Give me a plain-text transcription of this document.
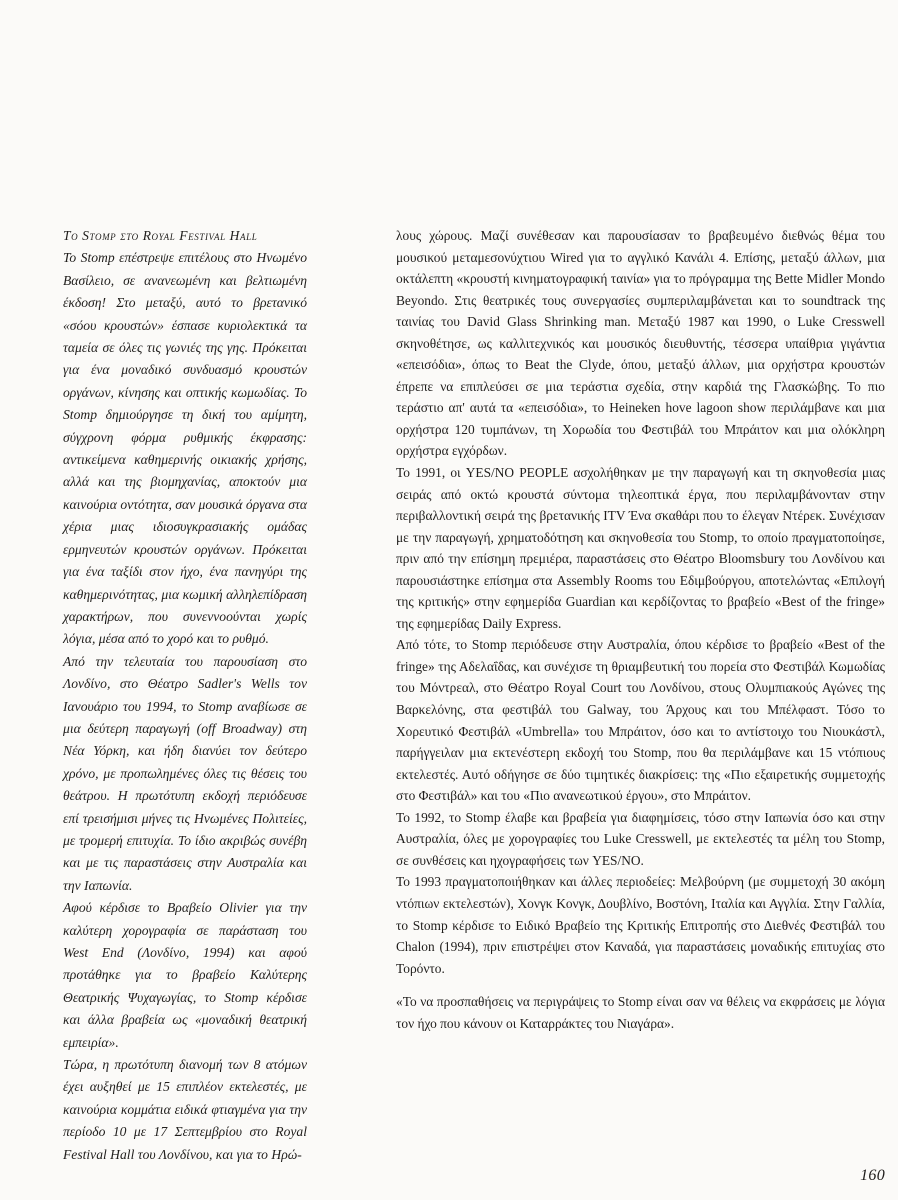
Το Stomp στο Royal Festival Hall

Το Stomp επέστρεψε επιτέλους στο Ηνωμένο Βασίλειο, σε ανανεωμένη και βελτιωμένη έκδοση! Στο μεταξύ, αυτό το βρετανικό «σόου κρουστών» έσπασε κυριολεκτικά τα ταμεία σε όλες τις γωνιές της γης. Πρόκειται για ένα μοναδικό συνδυασμό κρουστών οργάνων, κίνησης και οπτικής κωμωδίας. Το Stomp δημιούργησε τη δική του αμίμητη, σύγχρονη φόρμα ρυθμικής έκφρασης: αντικείμενα καθημερινής οικιακής χρήσης, αλλά και της βιομηχανίας, αποκτούν μια καινούρια οντότητα, σαν μουσικά όργανα στα χέρια μιας ιδιοσυγκρασιακής ομάδας ερμηνευτών κρουστών οργάνων. Πρόκειται για ένα ταξίδι στον ήχο, ένα πανηγύρι της καθημερινότητας, μια κωμική αλληλεπίδραση χαρακτήρων, που συνεννοούνται χωρίς λόγια, μέσα από το χορό και το ρυθμό.

Από την τελευταία του παρουσίαση στο Λονδίνο, στο Θέατρο Sadler's Wells τον Ιανουάριο του 1994, το Stomp αναβίωσε σε μια δεύτερη παραγωγή (off Broadway) στη Νέα Υόρκη, και ήδη διανύει τον δεύτερο χρόνο, με προπωλημένες όλες τις θέσεις του θεάτρου. Η πρωτότυπη εκδοχή περιόδευσε επί τρεισήμισι μήνες τις Ηνωμένες Πολιτείες, με τρομερή επιτυχία. Το ίδιο ακριβώς συνέβη και με τις παραστάσεις στην Αυστραλία και την Ιαπωνία.

Αφού κέρδισε το Βραβείο Olivier για την καλύτερη χορογραφία σε παράσταση του West End (Λονδίνο, 1994) και αφού προτάθηκε για το βραβείο Καλύτερης Θεατρικής Ψυχαγωγίας, το Stomp κέρδισε και άλλα βραβεία ως «μοναδική θεατρική εμπειρία».

Τώρα, η πρωτότυπη διανομή των 8 ατόμων έχει αυξηθεί με 15 επιπλέον εκτελεστές, με καινούρια κομμάτια ειδικά φτιαγμένα για την περίοδο 10 με 17 Σεπτεμβρίου στο Royal Festival Hall του Λονδίνου, και για το Ηρώ-

λους χώρους. Μαζί συνέθεσαν και παρουσίασαν το βραβευμένο διεθνώς θέμα του μουσικού μεταμεσονύχτιου Wired για το αγγλικό Κανάλι 4. Επίσης, μεταξύ άλλων, μια οκτάλεπτη «κρουστή κινηματογραφική ταινία» για το πρόγραμμα της Bette Midler Mondo Beyondo. Στις θεατρικές τους συνεργασίες συμπεριλαμβάνεται και το soundtrack της ταινίας του David Glass Shrinking man. Μεταξύ 1987 και 1990, ο Luke Cresswell σκηνοθέτησε, ως καλλιτεχνικός και μουσικός διευθυντής, τέσσερα υπαίθρια γιγάντια «επεισόδια», όπως το Beat the Clyde, όπου, μεταξύ άλλων, μια ορχήστρα κρουστών έπρεπε να επιπλεύσει σε μια τεράστια σχεδία, στην καρδιά της Γλασκώβης. Το πιο τεράστιο απ' αυτά τα «επεισόδια», το Heineken hove lagoon show περιλάμβανε και μια ορχήστρα 120 τυμπάνων, τη Χορωδία του Φεστιβάλ του Μπράιτον και μια ολόκληρη ορχήστρα εγχόρδων.

Το 1991, οι YES/NO PEOPLE ασχολήθηκαν με την παραγωγή και τη σκηνοθεσία μιας σειράς από οκτώ κρουστά σύντομα τηλεοπτικά έργα, που περιλαμβάνονταν στην περιβαλλοντική σειρά της βρετανικής ITV Ένα σκαθάρι που το έλεγαν Ντέρεκ. Συνέχισαν με την παραγωγή, χρηματοδότηση και σκηνοθεσία του Stomp, το οποίο πραγματοποίησε, πριν από την επίσημη πρεμιέρα, παραστάσεις στο Θέατρο Bloomsbury του Λονδίνου και παρουσιάστηκε επίσημα στα Assembly Rooms του Εδιμβούργου, αποτελώντας «Επιλογή της κριτικής» στην εφημερίδα Guardian και κερδίζοντας το βραβείο «Best of the fringe» της εφημερίδας Daily Express.

Από τότε, το Stomp περιόδευσε στην Αυστραλία, όπου κέρδισε το βραβείο «Best of the fringe» της Αδελαΐδας, και συνέχισε τη θριαμβευτική του πορεία στο Φεστιβάλ Κωμωδίας του Μόντρεαλ, στο Θέατρο Royal Court του Λονδίνου, στους Ολυμπιακούς Αγώνες της Βαρκελόνης, στα φεστιβάλ του Galway, του Άρχους και του Μπέλφαστ. Τόσο το Χορευτικό Φεστιβάλ «Umbrella» του Μπράιτον, όσο και το αντίστοιχο του Νιουκάστλ, παρήγγειλαν μια εκτενέστερη εκδοχή του Stomp, που θα περιλάμβανε και 15 ντόπιους εκτελεστές. Αυτό οδήγησε σε δύο τιμητικές διακρίσεις: της «Πιο εξαιρετικής συμμετοχής στο Φεστιβάλ» και του «Πιο ανανεωτικού έργου», στο Μπράιτον.

Το 1992, το Stomp έλαβε και βραβεία για διαφημίσεις, τόσο στην Ιαπωνία όσο και στην Αυστραλία, όλες με χορογραφίες του Luke Cresswell, με εκτελεστές τα μέλη του Stomp, σε συνθέσεις και ηχογραφήσεις των YES/NO.

Το 1993 πραγματοποιήθηκαν και άλλες περιοδείες: Μελβούρνη (με συμμετοχή 30 ακόμη ντόπιων εκτελεστών), Χονγκ Κονγκ, Δουβλίνο, Βοστόνη, Ιταλία και Αγγλία. Στην Γαλλία, το Stomp κέρδισε το Ειδικό Βραβείο της Κριτικής Επιτροπής στο Διεθνές Φεστιβάλ του Chalon (1994), πριν επιστρέψει στον Καναδά, για παραστάσεις μοναδικής επιτυχίας στο Τορόντο.

«Το να προσπαθήσεις να περιγράψεις το Stomp είναι σαν να θέλεις να εκφράσεις με λόγια τον ήχο που κάνουν οι Καταρράκτες του Νιαγάρα».

160
